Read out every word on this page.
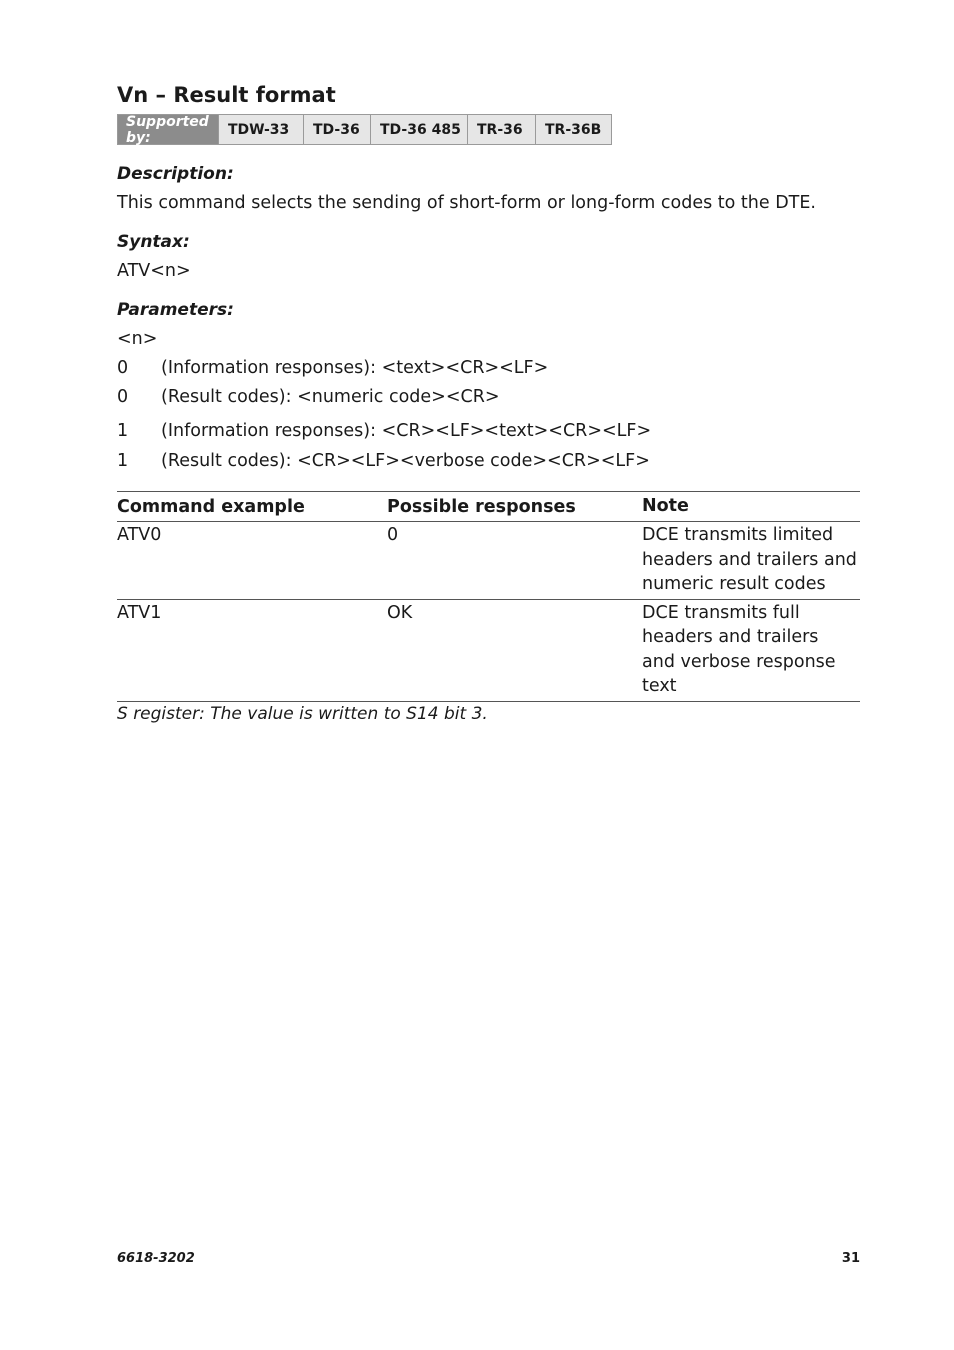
Vn – Result format
Supported by:	TDW-33	TD-36	TD-36 485	TR-36	TR-36B
Description:
This command selects the sending of short-form or long-form codes to the DTE.
Syntax:
ATV<n>
Parameters:
<n>
0	(Information responses): <text><CR><LF>
0	(Result codes): <numeric code><CR>
1	(Information responses): <CR><LF><text><CR><LF>
1	(Result codes): <CR><LF><verbose code><CR><LF>
Command example	Possible responses	Note
ATV0	0	DCE transmits limited
headers and trailers and
numeric result codes
ATV1	OK	DCE transmits full
headers and trailers
and verbose response
text
S register: The value is written to S14 bit 3.
6618-3202	31
